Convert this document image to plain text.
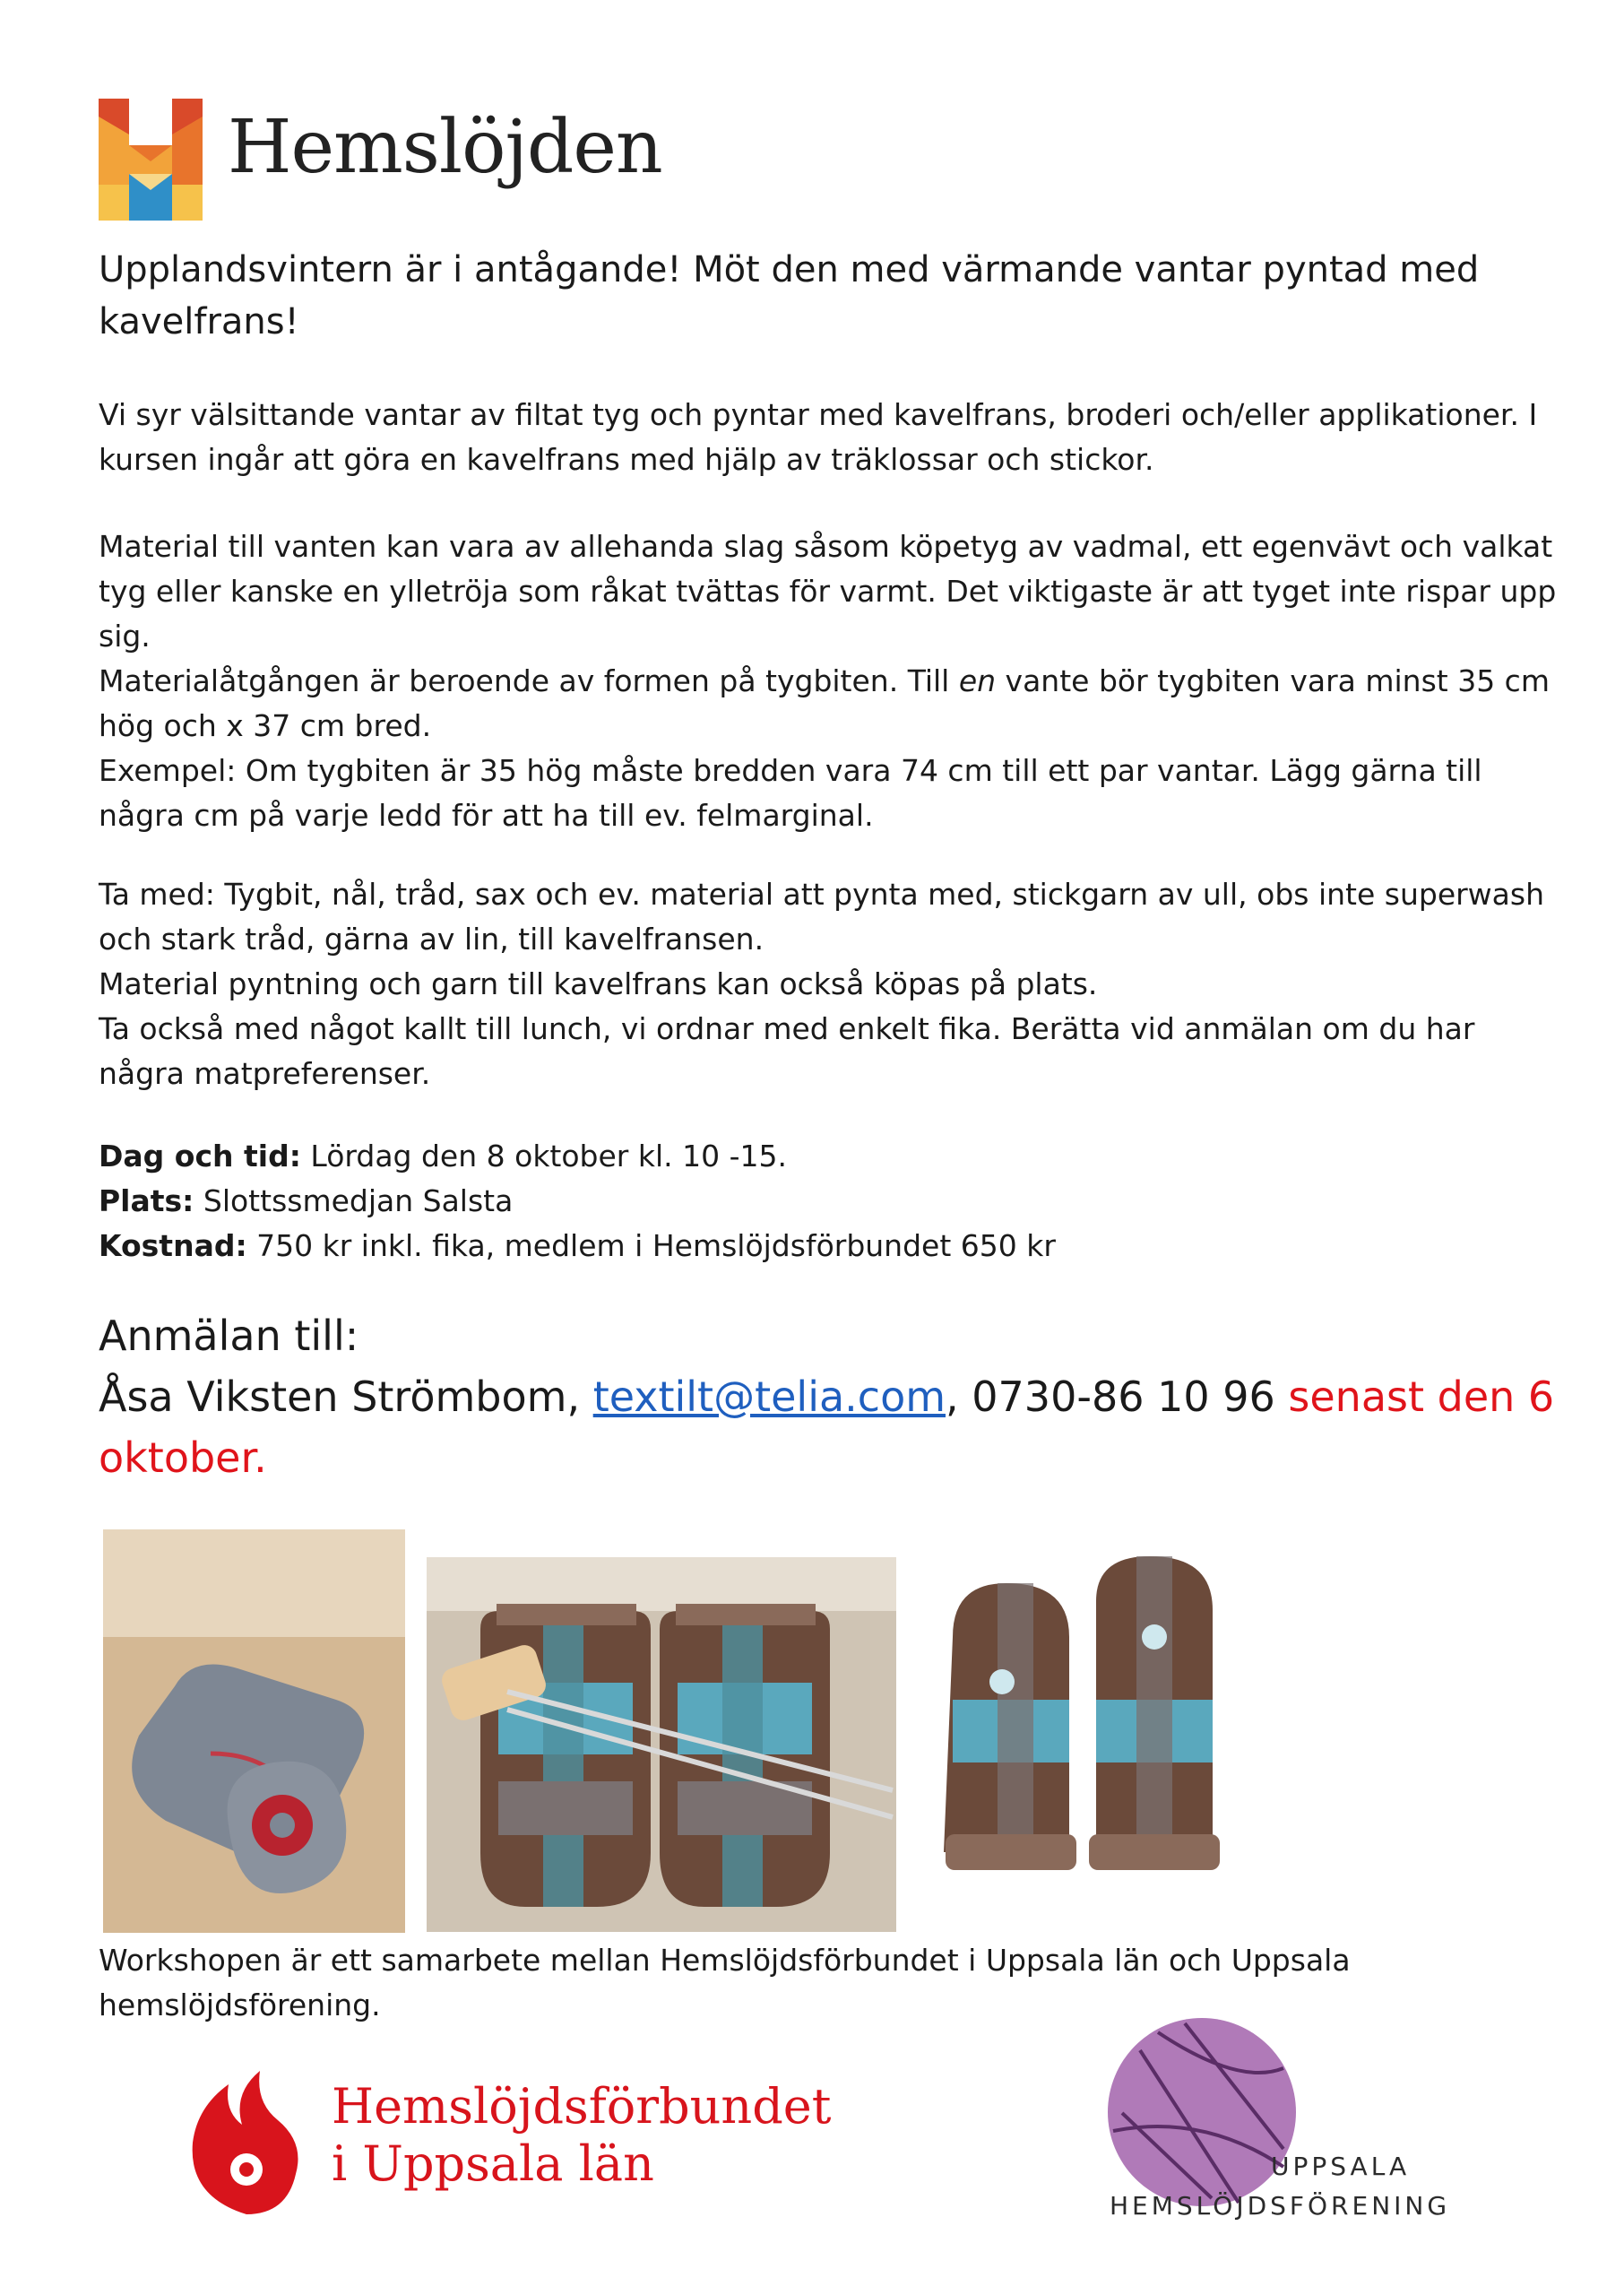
Hemslöjden
Upplandsvintern är i antågande! Möt den med värmande vantar pyntad med kavelfrans!

Vi syr välsittande vantar av filtat tyg och pyntar med kavelfrans, broderi och/eller applikationer. I kursen ingår att göra en kavelfrans med hjälp av träklossar och stickor.

Material till vanten kan vara av allehanda slag såsom köpetyg av vadmal, ett egenvävt och valkat tyg eller kanske en ylletröja som råkat tvättas för varmt. Det viktigaste är att tyget inte rispar upp sig.

Materialåtgången är beroende av formen på tygbiten. Till en vante bör tygbiten vara minst 35 cm hög och x 37 cm bred.

Exempel: Om tygbiten är 35 hög måste bredden vara 74 cm till ett par vantar. Lägg gärna till några cm på varje ledd för att ha till ev. felmarginal.

Ta med: Tygbit, nål, tråd, sax och ev. material att pynta med, stickgarn av ull, obs inte superwash och stark tråd, gärna av lin, till kavelfransen.

Material pyntning och garn till kavelfrans kan också köpas på plats.

Ta också med något kallt till lunch, vi ordnar med enkelt fika. Berätta vid anmälan om du har några matpreferenser.

Dag och tid: Lördag den 8 oktober kl. 10 -15.
Plats: Slottssmedjan Salsta
Kostnad: 750 kr inkl. fika, medlem i Hemslöjdsförbundet 650 kr
Anmälan till:
Åsa Viksten Strömbom, textilt@telia.com, 0730-86 10 96 senast den 6 oktober.
Workshopen är ett samarbete mellan Hemslöjdsförbundet i Uppsala län och Uppsala hemslöjdsförening.
Hemslöjdsförbundet
i Uppsala län	UPPSALA
HEMSLÖJDSFÖRENING
